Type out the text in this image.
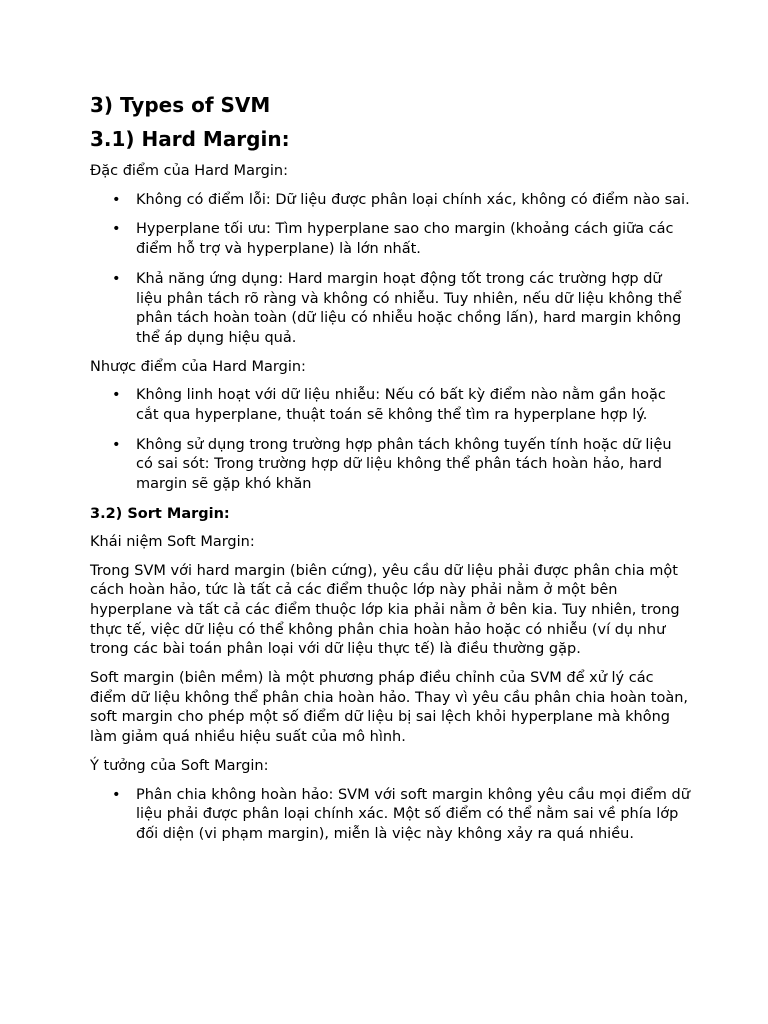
3) Types of SVM
3.1) Hard Margin:

Đặc điểm của Hard Margin:

• Không có điểm lỗi: Dữ liệu được phân loại chính xác, không có điểm nào sai.
• Hyperplane tối ưu: Tìm hyperplane sao cho margin (khoảng cách giữa các điểm hỗ trợ và hyperplane) là lớn nhất.
• Khả năng ứng dụng: Hard margin hoạt động tốt trong các trường hợp dữ liệu phân tách rõ ràng và không có nhiễu. Tuy nhiên, nếu dữ liệu không thể phân tách hoàn toàn (dữ liệu có nhiễu hoặc chồng lấn), hard margin không thể áp dụng hiệu quả.

Nhược điểm của Hard Margin:

• Không linh hoạt với dữ liệu nhiễu: Nếu có bất kỳ điểm nào nằm gần hoặc cắt qua hyperplane, thuật toán sẽ không thể tìm ra hyperplane hợp lý.
• Không sử dụng trong trường hợp phân tách không tuyến tính hoặc dữ liệu có sai sót: Trong trường hợp dữ liệu không thể phân tách hoàn hảo, hard margin sẽ gặp khó khăn
3.2) Sort Margin:

Khái niệm Soft Margin:

Trong SVM với hard margin (biên cứng), yêu cầu dữ liệu phải được phân chia một cách hoàn hảo, tức là tất cả các điểm thuộc lớp này phải nằm ở một bên hyperplane và tất cả các điểm thuộc lớp kia phải nằm ở bên kia. Tuy nhiên, trong thực tế, việc dữ liệu có thể không phân chia hoàn hảo hoặc có nhiễu (ví dụ như trong các bài toán phân loại với dữ liệu thực tế) là điều thường gặp.

Soft margin (biên mềm) là một phương pháp điều chỉnh của SVM để xử lý các điểm dữ liệu không thể phân chia hoàn hảo. Thay vì yêu cầu phân chia hoàn toàn, soft margin cho phép một số điểm dữ liệu bị sai lệch khỏi hyperplane mà không làm giảm quá nhiều hiệu suất của mô hình.

Ý tưởng của Soft Margin:

• Phân chia không hoàn hảo: SVM với soft margin không yêu cầu mọi điểm dữ liệu phải được phân loại chính xác. Một số điểm có thể nằm sai về phía lớp đối diện (vi phạm margin), miễn là việc này không xảy ra quá nhiều.
